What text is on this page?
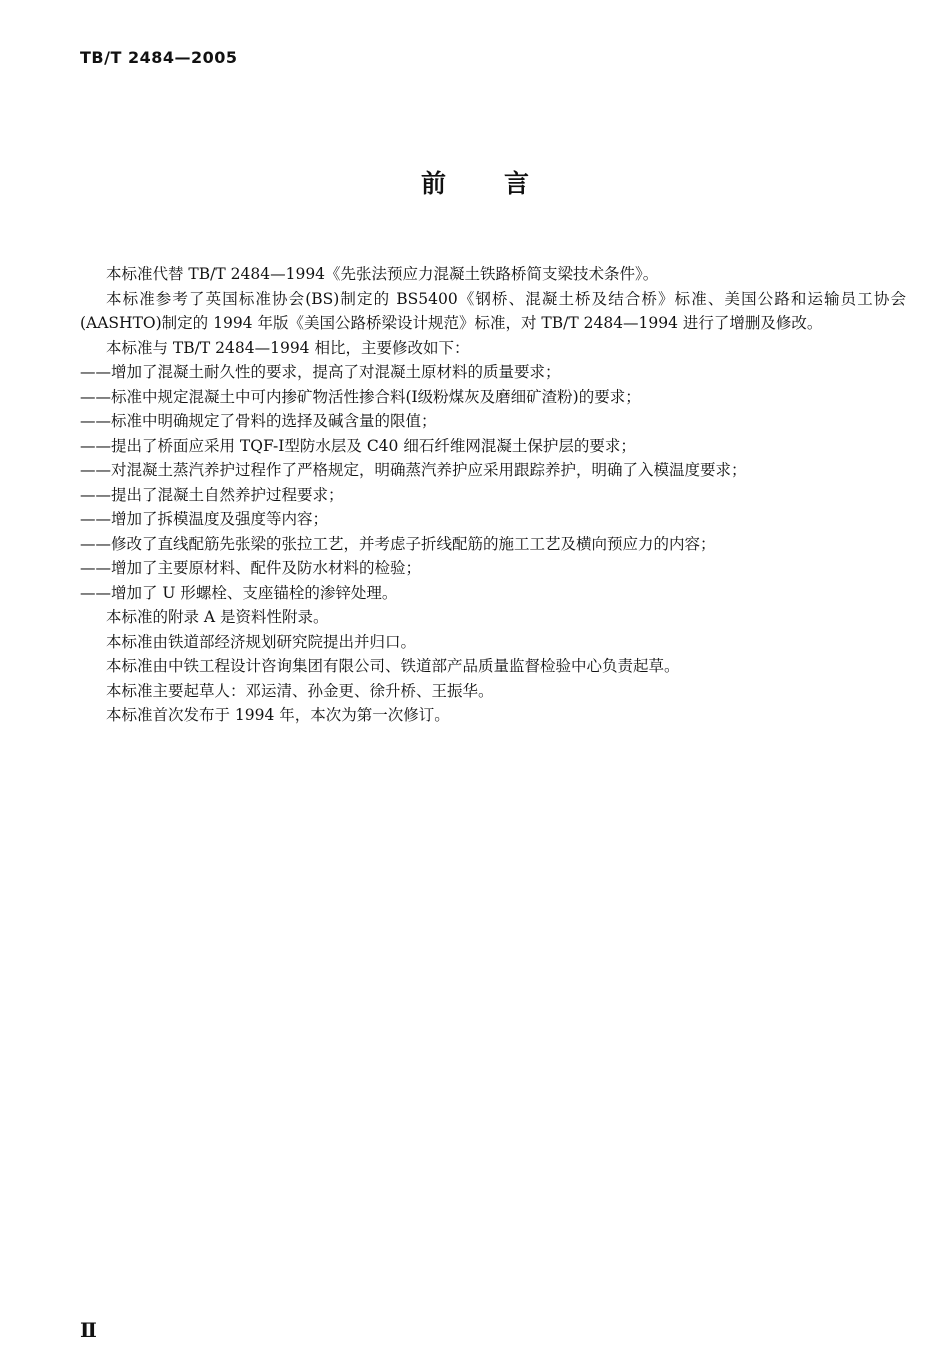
TB/T 2484—2005
前言

本标准代替 TB/T 2484—1994《先张法预应力混凝土铁路桥简支梁技术条件》。

本标准参考了英国标准协会(BS)制定的 BS5400《钢桥、混凝土桥及结合桥》标准、美国公路和运输员工协会(AASHTO)制定的 1994 年版《美国公路桥梁设计规范》标准，对 TB/T 2484—1994 进行了增删及修改。

本标准与 TB/T 2484—1994 相比，主要修改如下：

——增加了混凝土耐久性的要求，提高了对混凝土原材料的质量要求；

——标准中规定混凝土中可内掺矿物活性掺合料(Ⅰ级粉煤灰及磨细矿渣粉)的要求；

——标准中明确规定了骨料的选择及碱含量的限值；

——提出了桥面应采用 TQF-Ⅰ型防水层及 C40 细石纤维网混凝土保护层的要求；

——对混凝土蒸汽养护过程作了严格规定，明确蒸汽养护应采用跟踪养护，明确了入模温度要求；

——提出了混凝土自然养护过程要求；

——增加了拆模温度及强度等内容；

——修改了直线配筋先张梁的张拉工艺，并考虑子折线配筋的施工工艺及横向预应力的内容；

——增加了主要原材料、配件及防水材料的检验；

——增加了 U 形螺栓、支座锚栓的渗锌处理。

本标准的附录 A 是资料性附录。

本标准由铁道部经济规划研究院提出并归口。

本标准由中铁工程设计咨询集团有限公司、铁道部产品质量监督检验中心负责起草。

本标准主要起草人：邓运清、孙金更、徐升桥、王振华。

本标准首次发布于 1994 年，本次为第一次修订。

Ⅱ
